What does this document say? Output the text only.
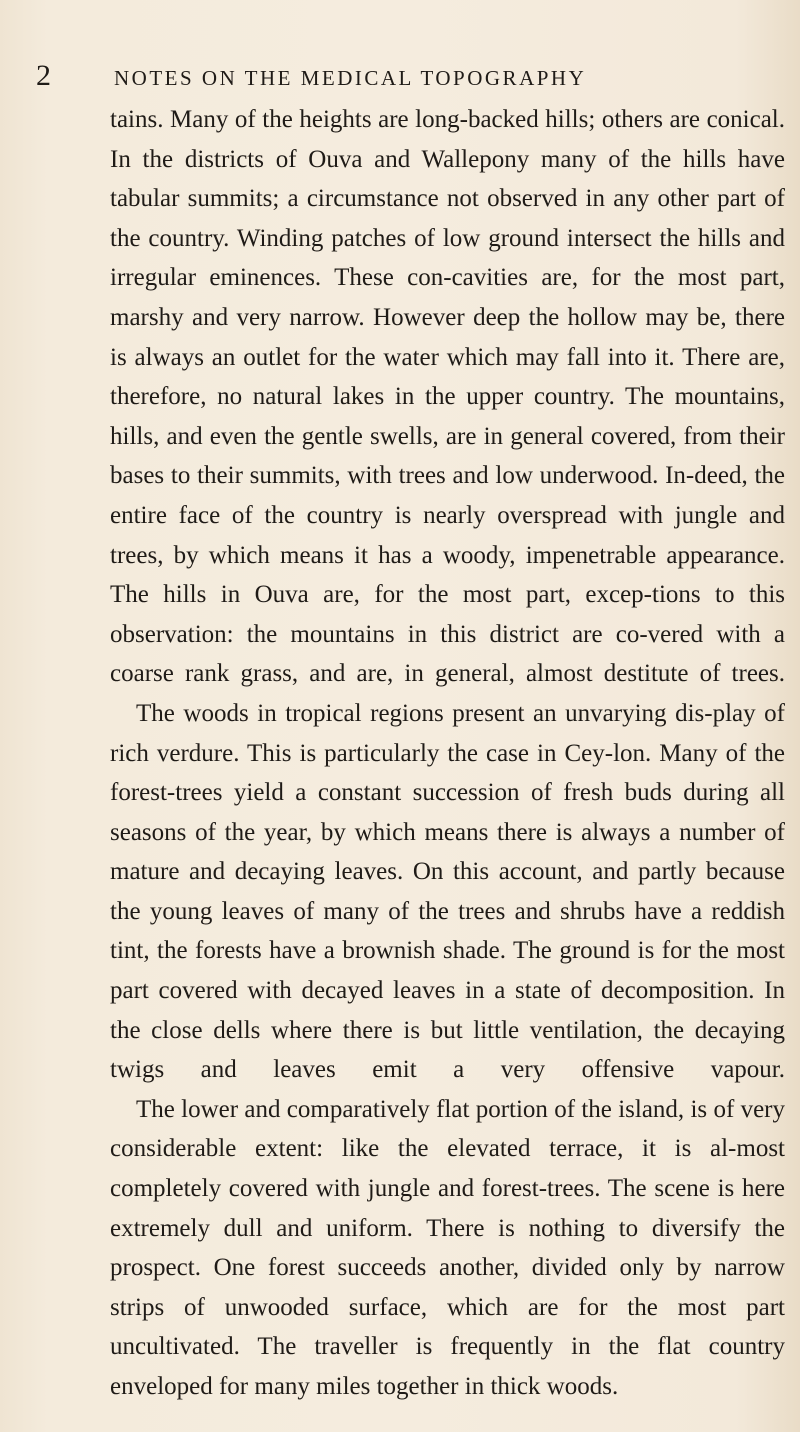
2	NOTES ON THE MEDICAL TOPOGRAPHY

tains. Many of the heights are long-backed hills; others are conical. In the districts of Ouva and Wallepony many of the hills have tabular summits; a circumstance not observed in any other part of the country. Winding patches of low ground intersect the hills and irregular eminences. These con-cavities are, for the most part, marshy and very narrow. However deep the hollow may be, there is always an outlet for the water which may fall into it. There are, therefore, no natural lakes in the upper country. The mountains, hills, and even the gentle swells, are in general covered, from their bases to their summits, with trees and low underwood. In-deed, the entire face of the country is nearly overspread with jungle and trees, by which means it has a woody, impenetrable appearance. The hills in Ouva are, for the most part, excep-tions to this observation: the mountains in this district are co-vered with a coarse rank grass, and are, in general, almost destitute of trees.

The woods in tropical regions present an unvarying dis-play of rich verdure. This is particularly the case in Cey-lon. Many of the forest-trees yield a constant succession of fresh buds during all seasons of the year, by which means there is always a number of mature and decaying leaves. On this account, and partly because the young leaves of many of the trees and shrubs have a reddish tint, the forests have a brownish shade. The ground is for the most part covered with decayed leaves in a state of decomposition. In the close dells where there is but little ventilation, the decaying twigs and leaves emit a very offensive vapour.

The lower and comparatively flat portion of the island, is of very considerable extent: like the elevated terrace, it is al-most completely covered with jungle and forest-trees. The scene is here extremely dull and uniform. There is nothing to diversify the prospect. One forest succeeds another, divided only by narrow strips of unwooded surface, which are for the most part uncultivated. The traveller is frequently in the flat country enveloped for many miles together in thick woods.
